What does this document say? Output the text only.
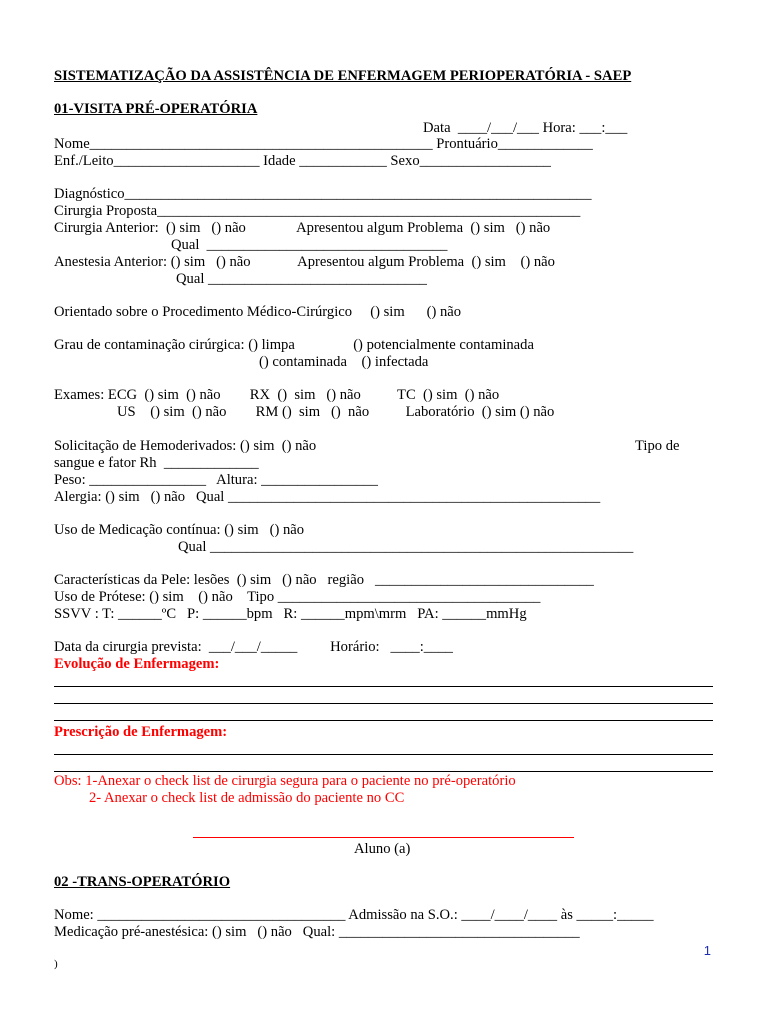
SISTEMATIZAÇÃO DA ASSISTÊNCIA DE ENFERMAGEM PERIOPERATÓRIA - SAEP
01-VISITA PRÉ-OPERATÓRIA
Data  ____/___/___ Hora: ___:___
Nome_______________________________________________ Prontuário_____________
Enf./Leito____________________ Idade ____________ Sexo__________________
Diagnóstico________________________________________________________________
Cirurgia Proposta__________________________________________________________
Cirurgia Anterior:  () sim   () não              Apresentou algum Problema  () sim   () não
Qual  _________________________________
Anestesia Anterior: () sim   () não             Apresentou algum Problema  () sim    () não
Qual ______________________________
Orientado sobre o Procedimento Médico-Cirúrgico     () sim      () não
Grau de contaminação cirúrgica: () limpa                () potencialmente contaminada
() contaminada    () infectada
Exames: ECG  () sim  () não        RX  ()  sim   () não          TC  () sim  () não
US    () sim  () não        RM ()  sim   ()  não          Laboratório  () sim () não
Solicitação de Hemoderivados: () sim  () não	Tipo de
sangue e fator Rh  _____________
Peso: ________________   Altura: ________________
Alergia: () sim   () não   Qual ___________________________________________________
Uso de Medicação contínua: () sim   () não
Qual __________________________________________________________
Características da Pele: lesões  () sim   () não   região   ______________________________
Uso de Prótese: () sim    () não    Tipo ____________________________________
SSVV : T: ______ºC   P: ______bpm   R: ______mpm\mrm   PA: ______mmHg
Data da cirurgia prevista:  ___/___/_____         Horário:   ____:____
Evolução de Enfermagem:
Prescrição de Enfermagem:
Obs: 1-Anexar o check list de cirurgia segura para o paciente no pré-operatório
2- Anexar o check list de admissão do paciente no CC
Aluno (a)
02 -TRANS-OPERATÓRIO
Nome: __________________________________ Admissão na S.O.: ____/____/____ às _____:_____
Medicação pré-anestésica: () sim   () não   Qual: _________________________________
1
)
